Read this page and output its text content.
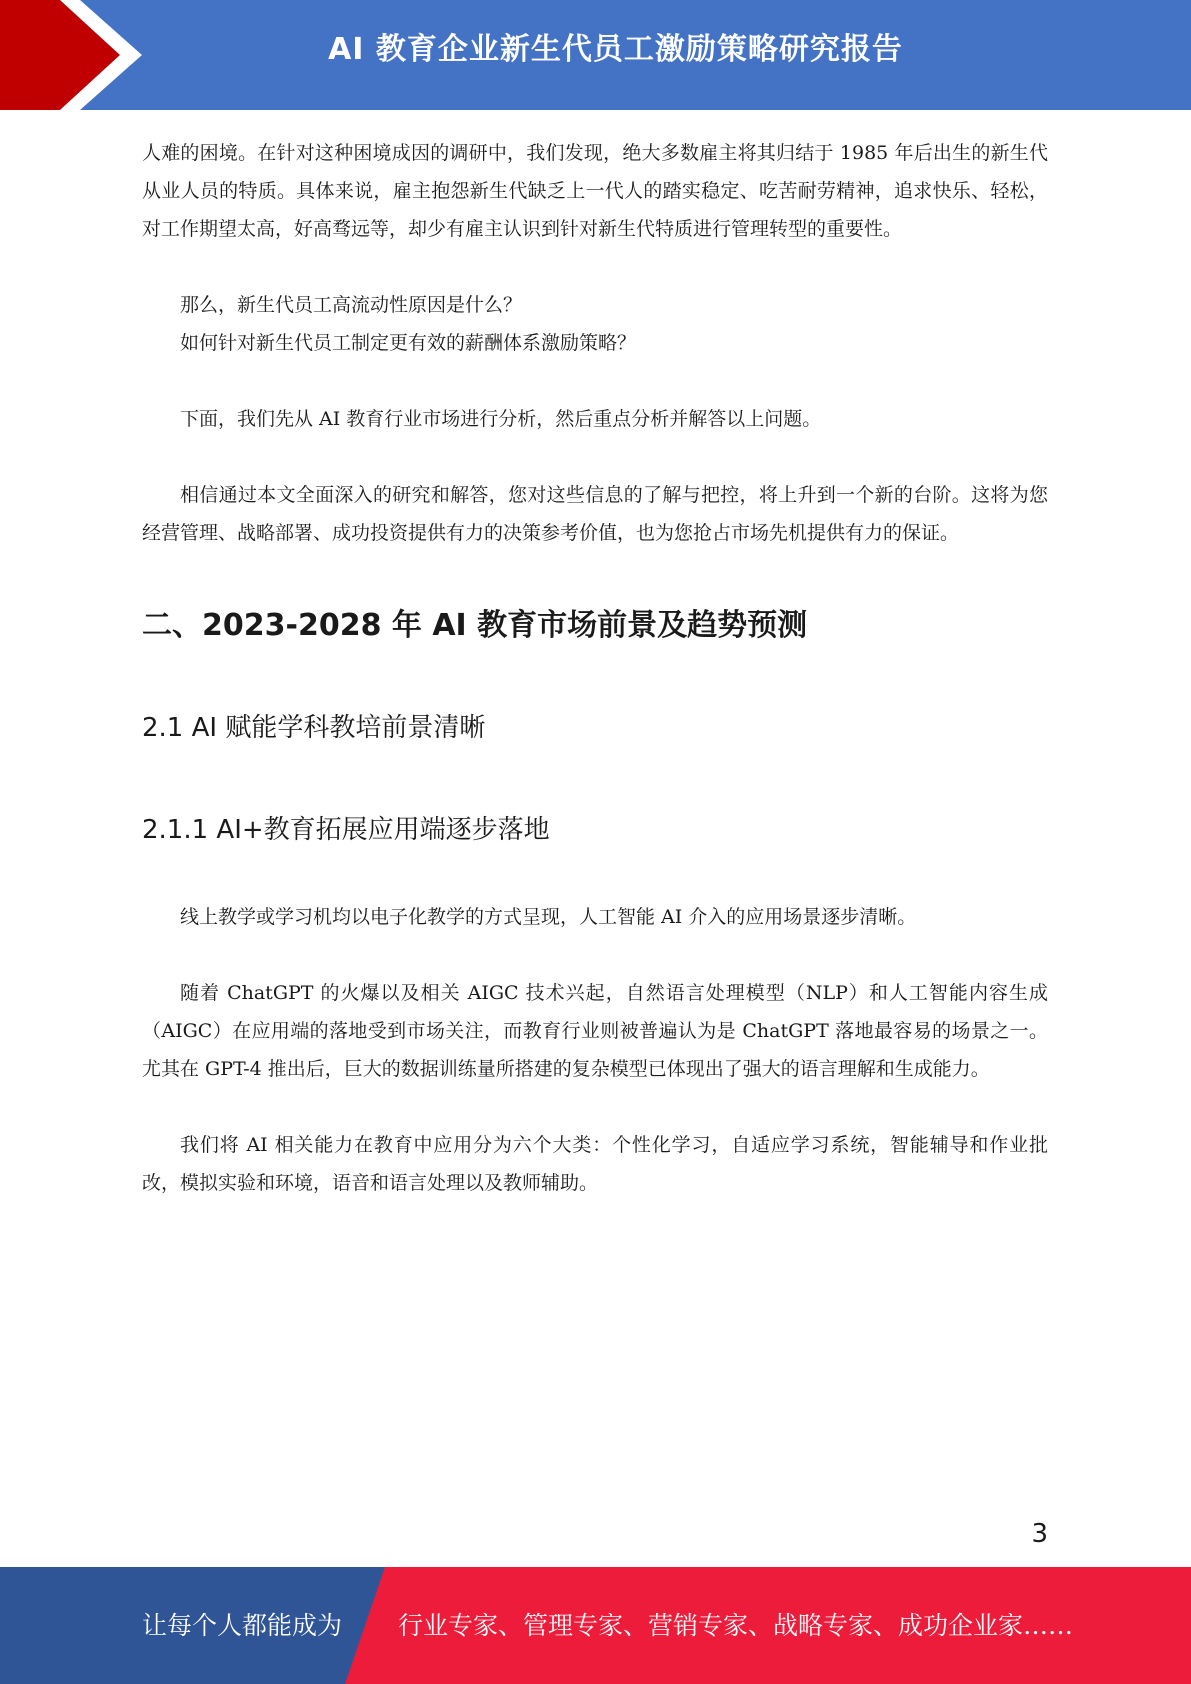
AI 教育企业新生代员工激励策略研究报告

人难的困境。在针对这种困境成因的调研中，我们发现，绝大多数雇主将其归结于 1985 年后出生的新生代从业人员的特质。具体来说，雇主抱怨新生代缺乏上一代人的踏实稳定、吃苦耐劳精神，追求快乐、轻松，对工作期望太高，好高骛远等，却少有雇主认识到针对新生代特质进行管理转型的重要性。

那么，新生代员工高流动性原因是什么？

如何针对新生代员工制定更有效的薪酬体系激励策略？

下面，我们先从 AI 教育行业市场进行分析，然后重点分析并解答以上问题。

相信通过本文全面深入的研究和解答，您对这些信息的了解与把控，将上升到一个新的台阶。这将为您经营管理、战略部署、成功投资提供有力的决策参考价值，也为您抢占市场先机提供有力的保证。

二、2023-2028 年 AI 教育市场前景及趋势预测
2.1 AI 赋能学科教培前景清晰
2.1.1 AI+教育拓展应用端逐步落地

线上教学或学习机均以电子化教学的方式呈现，人工智能 AI 介入的应用场景逐步清晰。

随着 ChatGPT 的火爆以及相关 AIGC 技术兴起，自然语言处理模型（NLP）和人工智能内容生成（AIGC）在应用端的落地受到市场关注，而教育行业则被普遍认为是 ChatGPT 落地最容易的场景之一。尤其在 GPT-4 推出后，巨大的数据训练量所搭建的复杂模型已体现出了强大的语言理解和生成能力。

我们将 AI 相关能力在教育中应用分为六个大类：个性化学习，自适应学习系统，智能辅导和作业批改，模拟实验和环境，语音和语言处理以及教师辅助。

3
让每个人都能成为 行业专家、管理专家、营销专家、战略专家、成功企业家……
